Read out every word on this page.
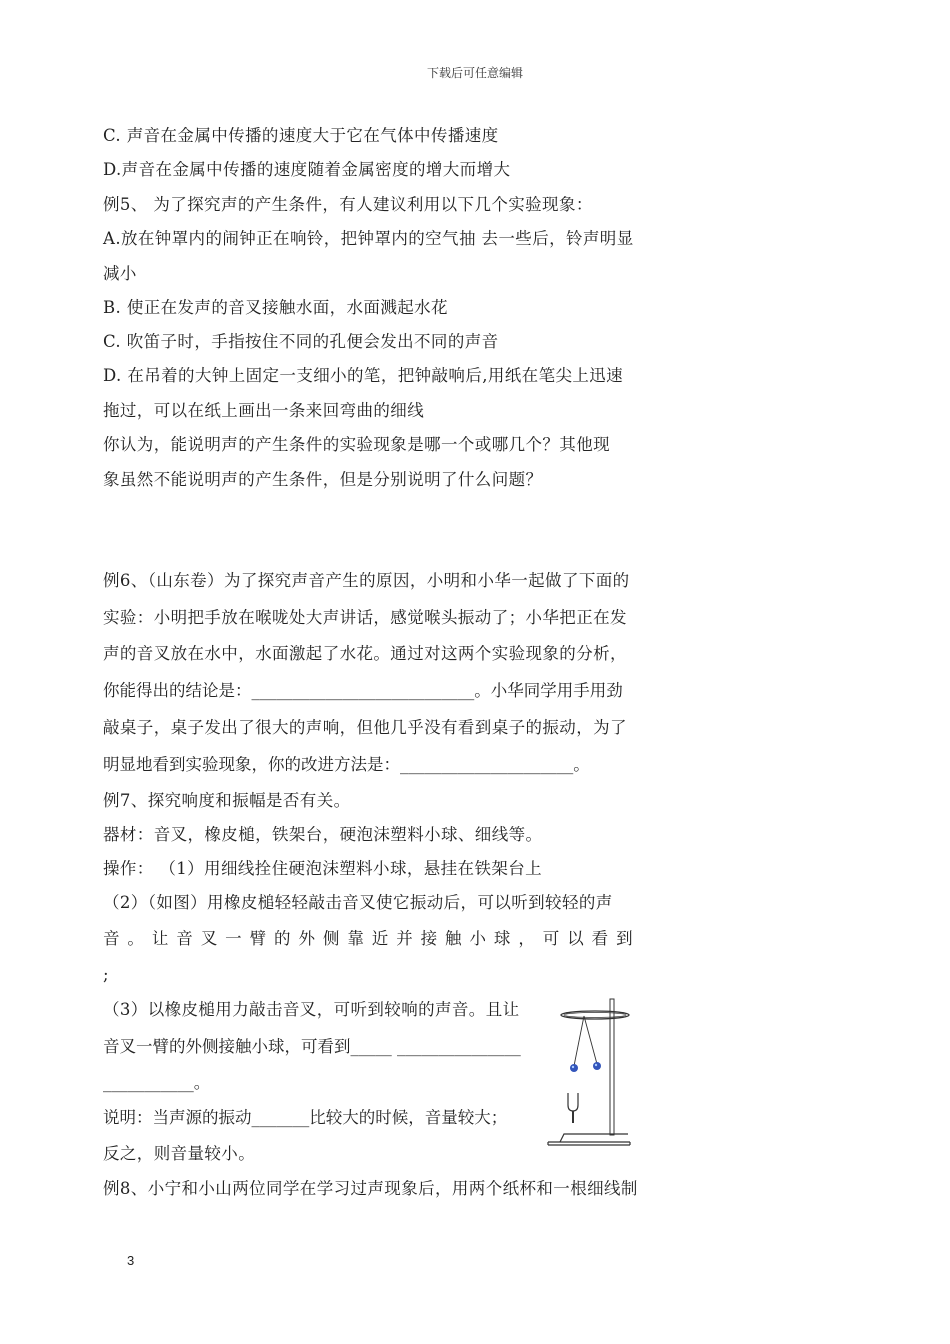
下载后可任意编辑
C. 声音在金属中传播的速度大于它在气体中传播速度
D.声音在金属中传播的速度随着金属密度的增大而增大
例5、 为了探究声的产生条件，有人建议利用以下几个实验现象：
A.放在钟罩内的闹钟正在响铃，把钟罩内的空气抽 去一些后，铃声明显
减小
B. 使正在发声的音叉接触水面，水面溅起水花
C. 吹笛子时，手指按住不同的孔便会发出不同的声音
D. 在吊着的大钟上固定一支细小的笔，把钟敲响后,用纸在笔尖上迅速
拖过，可以在纸上画出一条来回弯曲的细线
你认为，能说明声的产生条件的实验现象是哪一个或哪几个？其他现
象虽然不能说明声的产生条件，但是分别说明了什么问题？
例6、（山东卷）为了探究声音产生的原因，小明和小华一起做了下面的
实验：小明把手放在喉咙处大声讲话，感觉喉头振动了；小华把正在发
声的音叉放在水中，水面激起了水花。通过对这两个实验现象的分析，
你能得出的结论是：___________________________。小华同学用手用劲
敲桌子，桌子发出了很大的声响，但他几乎没有看到桌子的振动，为了
明显地看到实验现象，你的改进方法是：_____________________。
例7、探究响度和振幅是否有关。
器材：音叉，橡皮槌，铁架台，硬泡沫塑料小球、细线等。
操作： （1）用细线拴住硬泡沫塑料小球，悬挂在铁架台上
（2）（如图）用橡皮槌轻轻敲击音叉使它振动后，可以听到较轻的声
音。让音叉一臂的外侧靠近并接触小球，可以看到
;
（3）以橡皮槌用力敲击音叉，可听到较响的声音。且让
音叉一臂的外侧接触小球，可看到_____ _______________
___________。
说明：当声源的振动_______比较大的时候，音量较大；
反之，则音量较小。
例8、小宁和小山两位同学在学习过声现象后，用两个纸杯和一根细线制
3
